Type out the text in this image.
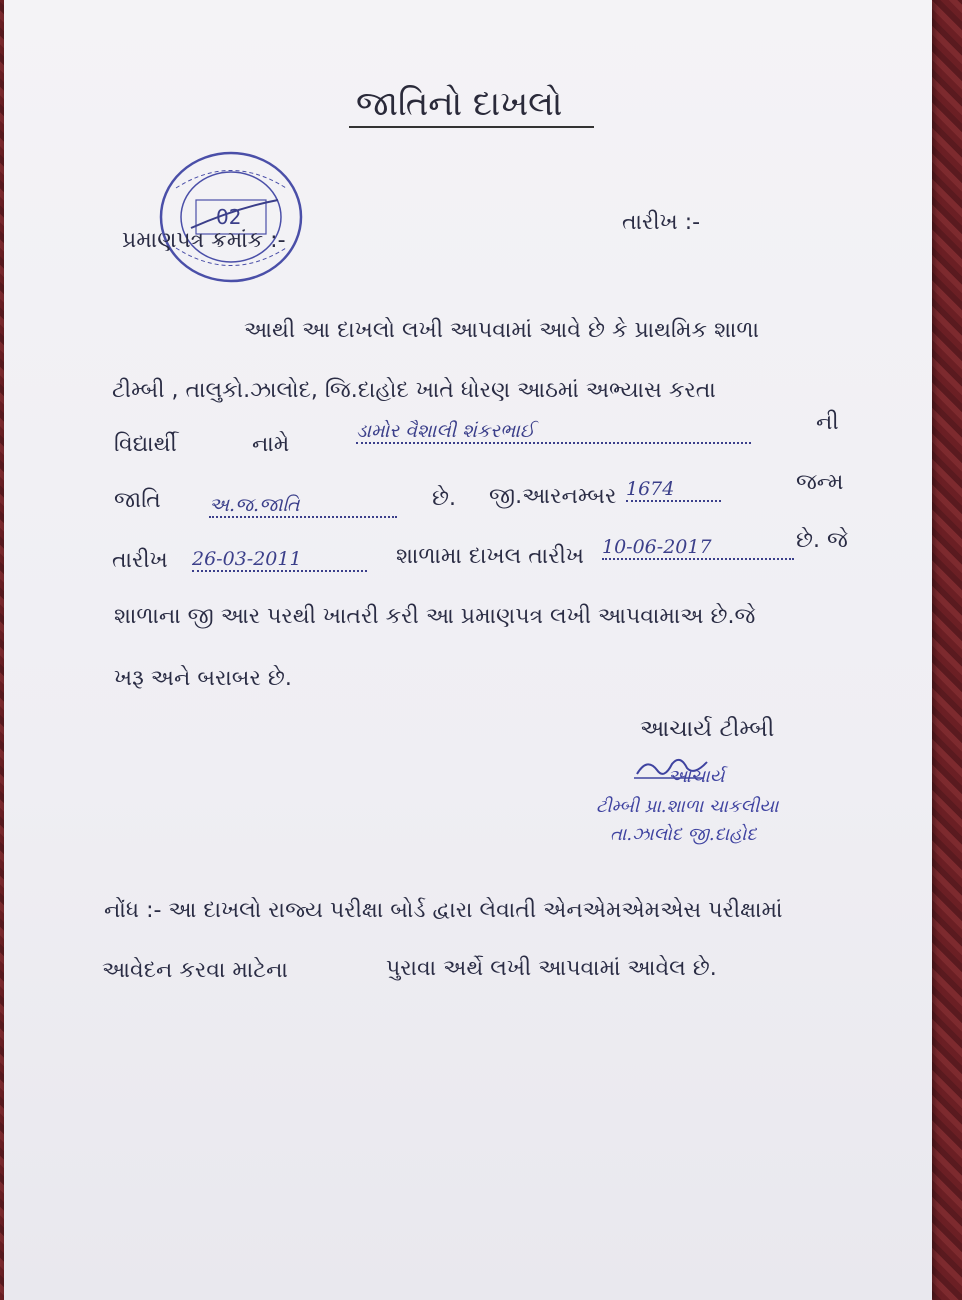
જાતિનો દાખલો
02
પ્રમાણપત્ર ક્રમાંક :-
તારીખ :-
આથી આ દાખલો લખી આપવામાં આવે છે કે પ્રાથમિક શાળા
ટીમ્બી , તાલુકો.ઝાલોદ, જિ.દાહોદ ખાતે ધોરણ આઠમાં અભ્યાસ કરતા
વિદ્યાર્થી	નામે
ડામોર વૈશાલી શંકરભાઈ	ની
જાતિ	અ.જ.જાતિ	છે. જી.આરનમ્બર 1674	જન્મ
તારીખ 26-03-2011	શાળામા દાખલ તારીખ 10-06-2017	છે. જે
શાળાના જી આર પરથી ખાતરી કરી આ પ્રમાણપત્ર લખી આપવામાઅ છે.જે
ખરૂ અને બરાબર છે.
આચાર્ય ટીમ્બી
આચાર્ય
ટીમ્બી પ્રા.શાળા ચાકલીયા
તા.ઝાલોદ જી.દાહોદ
નોંધ :- આ દાખલો રાજ્ય પરીક્ષા બોર્ડ દ્વારા લેવાતી એનએમએમએસ પરીક્ષામાં
આવેદન કરવા માટેના	પુરાવા અર્થે લખી આપવામાં આવેલ છે.
